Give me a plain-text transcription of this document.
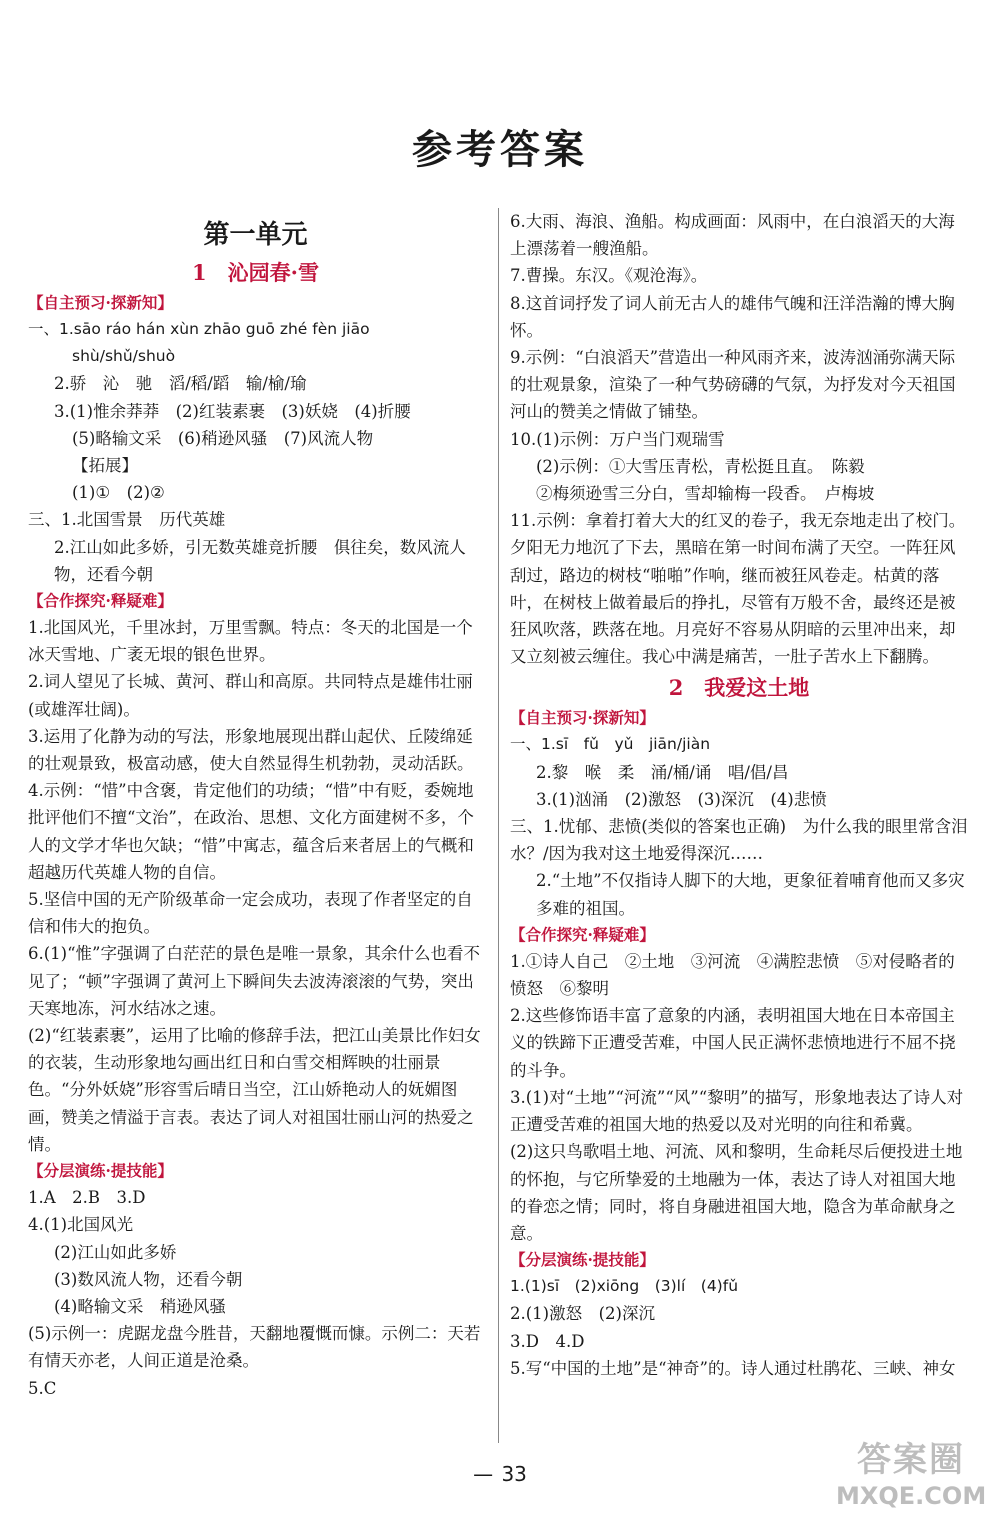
参考答案
第一单元
1　沁园春·雪
【自主预习·探新知】
一、1.sāo ráo hán xùn zhāo guō zhé fèn jiāo
shù/shǔ/shuò
2.骄　沁　驰　滔/稻/蹈　输/榆/瑜
3.(1)惟余莽莽　(2)红装素裹　(3)妖娆　(4)折腰
(5)略输文采　(6)稍逊风骚　(7)风流人物
【拓展】
(1)①　(2)②
三、1.北国雪景　历代英雄
2.江山如此多娇，引无数英雄竞折腰　俱往矣，数风流人物，还看今朝
【合作探究·释疑难】
1.北国风光，千里冰封，万里雪飘。特点：冬天的北国是一个冰天雪地、广袤无垠的银色世界。
2.词人望见了长城、黄河、群山和高原。共同特点是雄伟壮丽(或雄浑壮阔)。
3.运用了化静为动的写法，形象地展现出群山起伏、丘陵绵延的壮观景致，极富动感，使大自然显得生机勃勃，灵动活跃。
4.示例：“惜”中含褒，肯定他们的功绩；“惜”中有贬，委婉地批评他们不擅“文治”，在政治、思想、文化方面建树不多，个人的文学才华也欠缺；“惜”中寓志，蕴含后来者居上的气概和超越历代英雄人物的自信。
5.坚信中国的无产阶级革命一定会成功，表现了作者坚定的自信和伟大的抱负。
6.(1)“惟”字强调了白茫茫的景色是唯一景象，其余什么也看不见了；“顿”字强调了黄河上下瞬间失去波涛滚滚的气势，突出天寒地冻，河水结冰之速。
(2)“红装素裹”，运用了比喻的修辞手法，把江山美景比作妇女的衣装，生动形象地勾画出红日和白雪交相辉映的壮丽景色。“分外妖娆”形容雪后晴日当空，江山娇艳动人的妩媚图画，赞美之情溢于言表。表达了词人对祖国壮丽山河的热爱之情。
【分层演练·提技能】
1.A　2.B　3.D
4.(1)北国风光
(2)江山如此多娇
(3)数风流人物，还看今朝
(4)略输文采　稍逊风骚
(5)示例一：虎踞龙盘今胜昔，天翻地覆慨而慷。示例二：天若有情天亦老，人间正道是沧桑。
5.C
6.大雨、海浪、渔船。构成画面：风雨中，在白浪滔天的大海上漂荡着一艘渔船。
7.曹操。东汉。《观沧海》。
8.这首词抒发了词人前无古人的雄伟气魄和汪洋浩瀚的博大胸怀。
9.示例：“白浪滔天”营造出一种风雨齐来，波涛汹涌弥满天际的壮观景象，渲染了一种气势磅礴的气氛，为抒发对今天祖国河山的赞美之情做了铺垫。
10.(1)示例：万户当门观瑞雪
(2)示例：①大雪压青松，青松挺且直。　陈毅
②梅须逊雪三分白，雪却输梅一段香。　卢梅坡
11.示例：拿着打着大大的红叉的卷子，我无奈地走出了校门。夕阳无力地沉了下去，黑暗在第一时间布满了天空。一阵狂风刮过，路边的树枝“啪啪”作响，继而被狂风卷走。枯黄的落叶，在树枝上做着最后的挣扎，尽管有万般不舍，最终还是被狂风吹落，跌落在地。月亮好不容易从阴暗的云里冲出来，却又立刻被云缠住。我心中满是痛苦，一肚子苦水上下翻腾。
2　我爱这土地
【自主预习·探新知】
一、1.sī　fǔ　yǔ　jiān/jiàn
2.黎　喉　柔　涌/桶/诵　唱/倡/昌
3.(1)汹涌　(2)激怒　(3)深沉　(4)悲愤
三、1.忧郁、悲愤(类似的答案也正确)　为什么我的眼里常含泪水？/因为我对这土地爱得深沉……
2.“土地”不仅指诗人脚下的大地，更象征着哺育他而又多灾多难的祖国。
【合作探究·释疑难】
1.①诗人自己　②土地　③河流　④满腔悲愤　⑤对侵略者的愤怒　⑥黎明
2.这些修饰语丰富了意象的内涵，表明祖国大地在日本帝国主义的铁蹄下正遭受苦难，中国人民正满怀悲愤地进行不屈不挠的斗争。
3.(1)对“土地”“河流”“风”“黎明”的描写，形象地表达了诗人对正遭受苦难的祖国大地的热爱以及对光明的向往和希冀。
(2)这只鸟歌唱土地、河流、风和黎明，生命耗尽后便投进土地的怀抱，与它所挚爱的土地融为一体，表达了诗人对祖国大地的眷恋之情；同时，将自身融进祖国大地，隐含为革命献身之意。
【分层演练·提技能】
1.(1)sī　(2)xiōng　(3)lí　(4)fǔ
2.(1)激怒　(2)深沉
3.D　4.D
5.写“中国的土地”是“神奇”的。诗人通过杜鹃花、三峡、神女
— 33	答案圈
MXQE.COM
